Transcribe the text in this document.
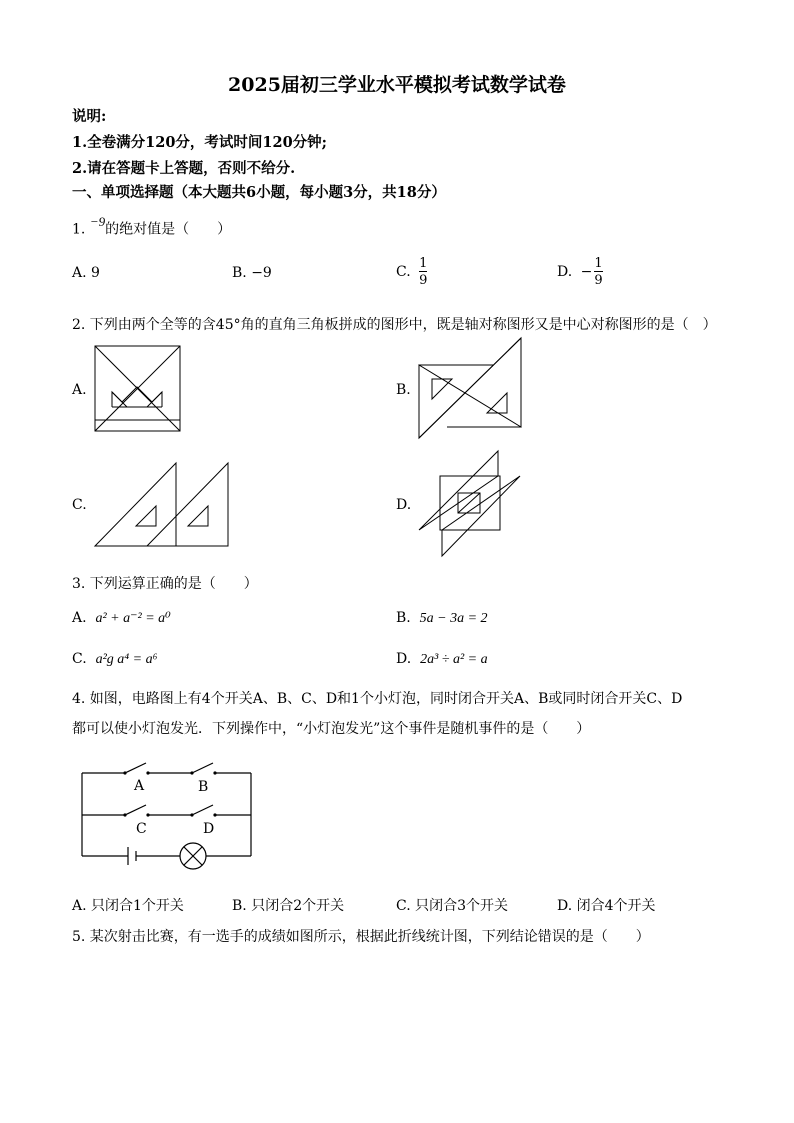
2025届初三学业水平模拟考试数学试卷
说明:
1.全卷满分120分，考试时间120分钟;
2.请在答题卡上答题，否则不给分.
一、单项选择题（本大题共6小题，每小题3分，共18分）
1. $^{-9}$的绝对值是（　　）
A. 9	B. −9	C. $\frac{1}{9}$	D. − $\frac{1}{9}$
2. 下列由两个全等的含45°角的直角三角板拼成的图形中，既是轴对称图形又是中心对称图形的是（　）
A.	B.
C.	D.
3. 下列运算正确的是（　　）
A. a² + a⁻² = a⁰	B. 5a − 3a = 2
C. a²g a⁴ = a⁶	D. 2a³ ÷ a² = a
4. 如图，电路图上有4个开关A、B、C、D和1个小灯泡，同时闭合开关A、B或同时闭合开关C、D
都可以使小灯泡发光．下列操作中，“小灯泡发光”这个事件是随机事件的是（　　）
A	B
C	D
A. 只闭合1个开关	B. 只闭合2个开关	C. 只闭合3个开关	D. 闭合4个开关
5. 某次射击比赛，有一选手的成绩如图所示，根据此折线统计图，下列结论错误的是（　　）
